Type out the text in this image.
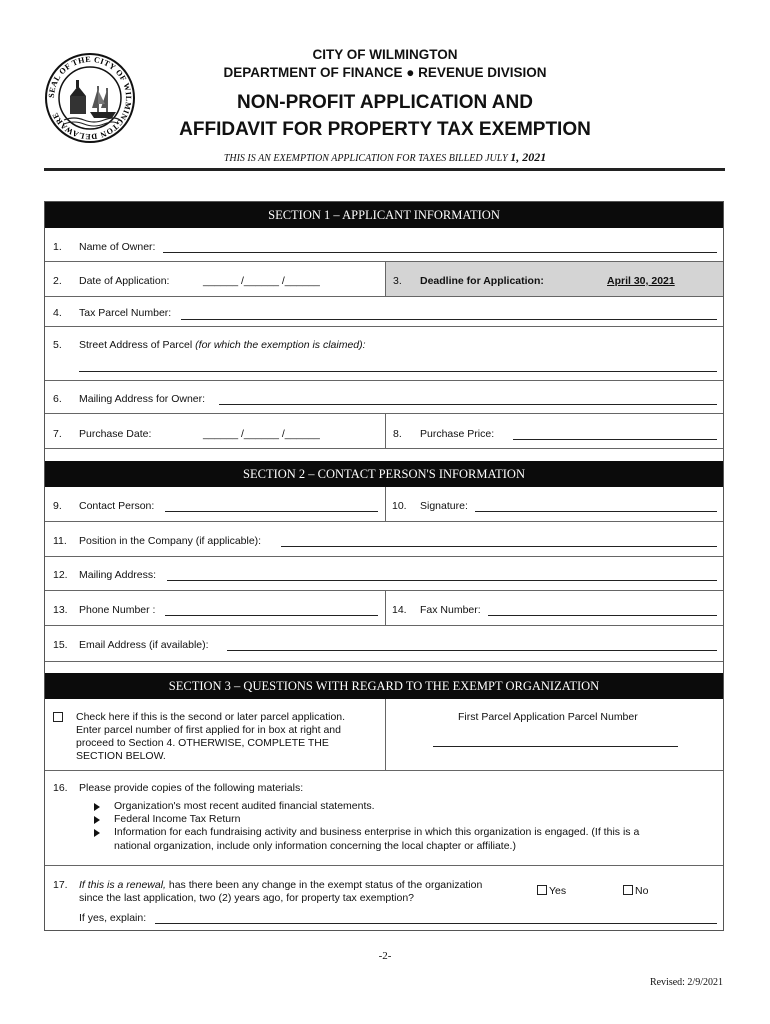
SEAL OF THE CITY OF WILMINGTON DELAWARE
CITY OF WILMINGTON
DEPARTMENT OF FINANCE ● REVENUE DIVISION
NON-PROFIT APPLICATION AND
AFFIDAVIT FOR PROPERTY TAX EXEMPTION
THIS IS AN EXEMPTION APPLICATION FOR TAXES BILLED JULY 1, 2021
SECTION 1 – APPLICANT INFORMATION
1. Name of Owner:
2. Date of Application:	______ /______ /______	3. Deadline for Application:	April 30, 2021
4. Tax Parcel Number:
5. Street Address of Parcel (for which the exemption is claimed):
6. Mailing Address for Owner:
7. Purchase Date:	______ /______ /______	8. Purchase Price:
SECTION 2 – CONTACT PERSON'S INFORMATION
9. Contact Person:	10. Signature:
11. Position in the Company (if applicable):
12. Mailing Address:
13. Phone Number :	14. Fax Number:
15. Email Address (if available):
SECTION 3 – QUESTIONS WITH REGARD TO THE EXEMPT ORGANIZATION
Check here if this is the second or later parcel application.
Enter parcel number of first applied for in box at right and
proceed to Section 4. OTHERWISE, COMPLETE THE
SECTION BELOW.
First Parcel Application Parcel Number
16. Please provide copies of the following materials:
Organization's most recent audited financial statements.
Federal Income Tax Return
Information for each fundraising activity and business enterprise in which this organization is engaged. (If this is a
national organization, include only information concerning the local chapter or affiliate.)
17. If this is a renewal, has there been any change in the exempt status of the organization
since the last application, two (2) years ago, for property tax exemption?
Yes	No
If yes, explain:
-2-
Revised: 2/9/2021
